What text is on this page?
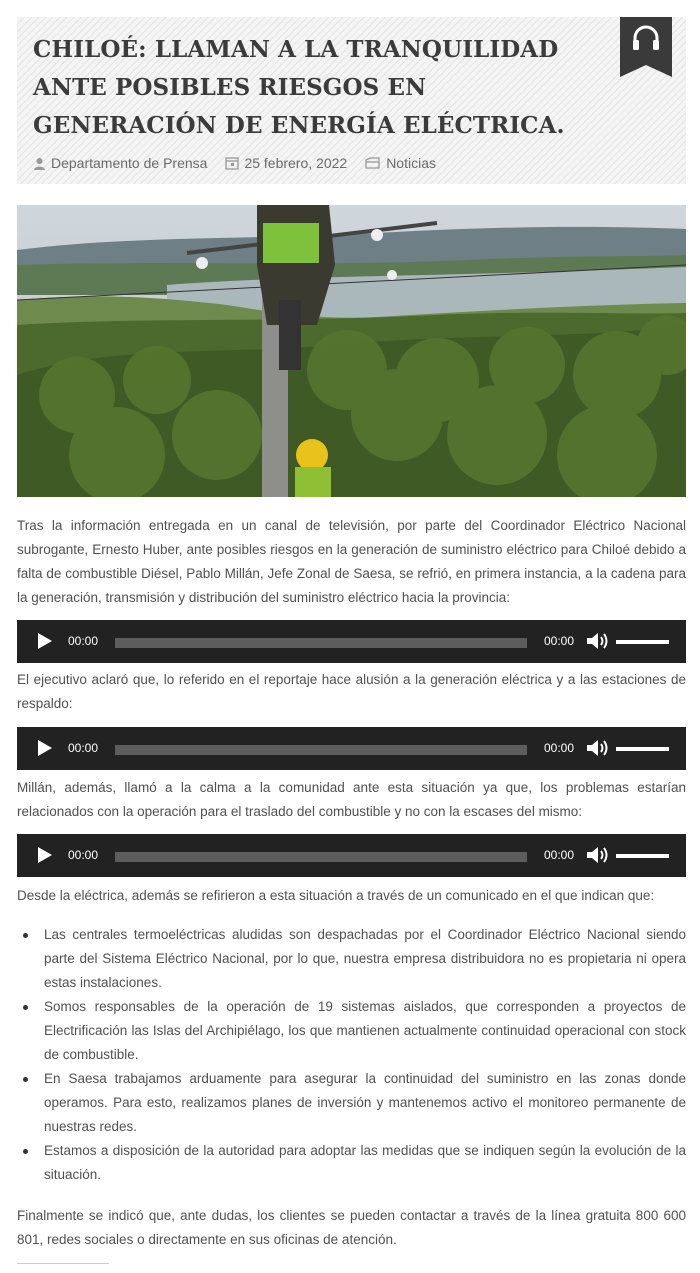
CHILOÉ: LLAMAN A LA TRANQUILIDAD ANTE POSIBLES RIESGOS EN GENERACIÓN DE ENERGÍA ELÉCTRICA.
Departamento de Prensa	25 febrero, 2022	Noticias

Tras la información entregada en un canal de televisión, por parte del Coordinador Eléctrico Nacional subrogante, Ernesto Huber, ante posibles riesgos en la generación de suministro eléctrico para Chiloé debido a falta de combustible Diésel, Pablo Millán, Jefe Zonal de Saesa, se refrió, en primera instancia, a la cadena para la generación, transmisión y distribución del suministro eléctrico hacia la provincia:

00:00	00:00

El ejecutivo aclaró que, lo referido en el reportaje hace alusión a la generación eléctrica y a las estaciones de respaldo:

00:00	00:00

Millán, además, llamó a la calma a la comunidad ante esta situación ya que, los problemas estarían relacionados con la operación para el traslado del combustible y no con la escases del mismo:

00:00	00:00

Desde la eléctrica, además se refirieron a esta situación a través de un comunicado en el que indican que:

Las centrales termoeléctricas aludidas son despachadas por el Coordinador Eléctrico Nacional siendo parte del Sistema Eléctrico Nacional, por lo que, nuestra empresa distribuidora no es propietaria ni opera estas instalaciones.
Somos responsables de la operación de 19 sistemas aislados, que corresponden a proyectos de Electrificación las Islas del Archipiélago, los que mantienen actualmente continuidad operacional con stock de combustible.
En Saesa trabajamos arduamente para asegurar la continuidad del suministro en las zonas donde operamos. Para esto, realizamos planes de inversión y mantenemos activo el monitoreo permanente de nuestras redes.
Estamos a disposición de la autoridad para adoptar las medidas que se indiquen según la evolución de la situación.

Finalmente se indicó que, ante dudas, los clientes se pueden contactar a través de la línea gratuita 800 600 801, redes sociales o directamente en sus oficinas de atención.
